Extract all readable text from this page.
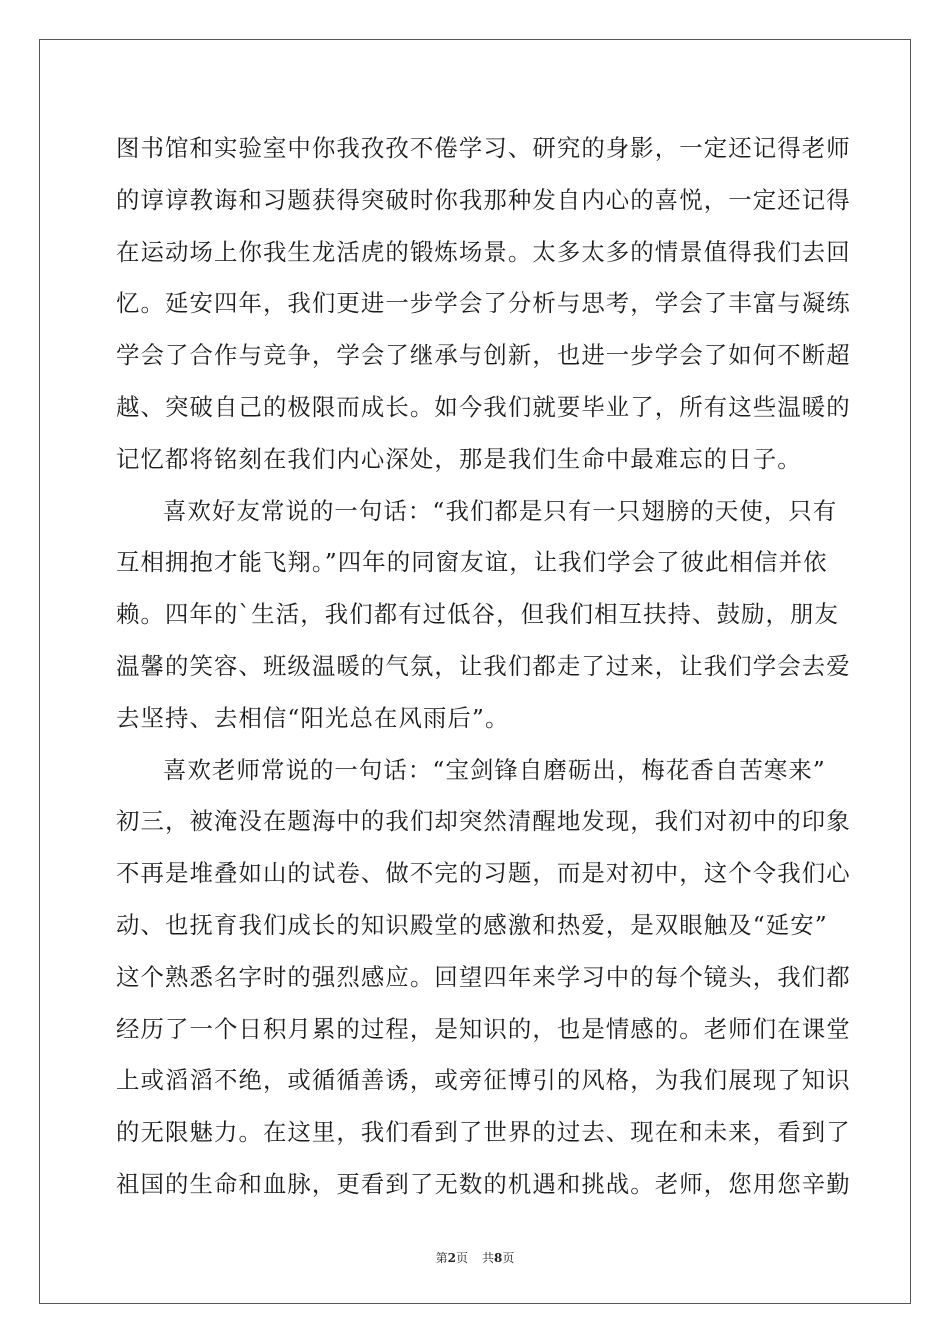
图书馆和实验室中你我孜孜不倦学习、研究的身影，一定还记得老师
的谆谆教诲和习题获得突破时你我那种发自内心的喜悦，一定还记得
在运动场上你我生龙活虎的锻炼场景。太多太多的情景值得我们去回
忆。延安四年，我们更进一步学会了分析与思考，学会了丰富与凝练
学会了合作与竞争，学会了继承与创新，也进一步学会了如何不断超
越、突破自己的极限而成长。如今我们就要毕业了，所有这些温暖的
记忆都将铭刻在我们内心深处，那是我们生命中最难忘的日子。
喜欢好友常说的一句话：“我们都是只有一只翅膀的天使，只有
互相拥抱才能飞翔。”四年的同窗友谊，让我们学会了彼此相信并依
赖。四年的`生活，我们都有过低谷，但我们相互扶持、鼓励，朋友
温馨的笑容、班级温暖的气氛，让我们都走了过来，让我们学会去爱
去坚持、去相信“阳光总在风雨后”。
喜欢老师常说的一句话：“宝剑锋自磨砺出，梅花香自苦寒来”
初三，被淹没在题海中的我们却突然清醒地发现，我们对初中的印象
不再是堆叠如山的试卷、做不完的习题，而是对初中，这个令我们心
动、也抚育我们成长的知识殿堂的感激和热爱，是双眼触及“延安”
这个熟悉名字时的强烈感应。回望四年来学习中的每个镜头，我们都
经历了一个日积月累的过程，是知识的，也是情感的。老师们在课堂
上或滔滔不绝，或循循善诱，或旁征博引的风格，为我们展现了知识
的无限魅力。在这里，我们看到了世界的过去、现在和未来，看到了
祖国的生命和血脉，更看到了无数的机遇和挑战。老师，您用您辛勤
第2页 共8页
